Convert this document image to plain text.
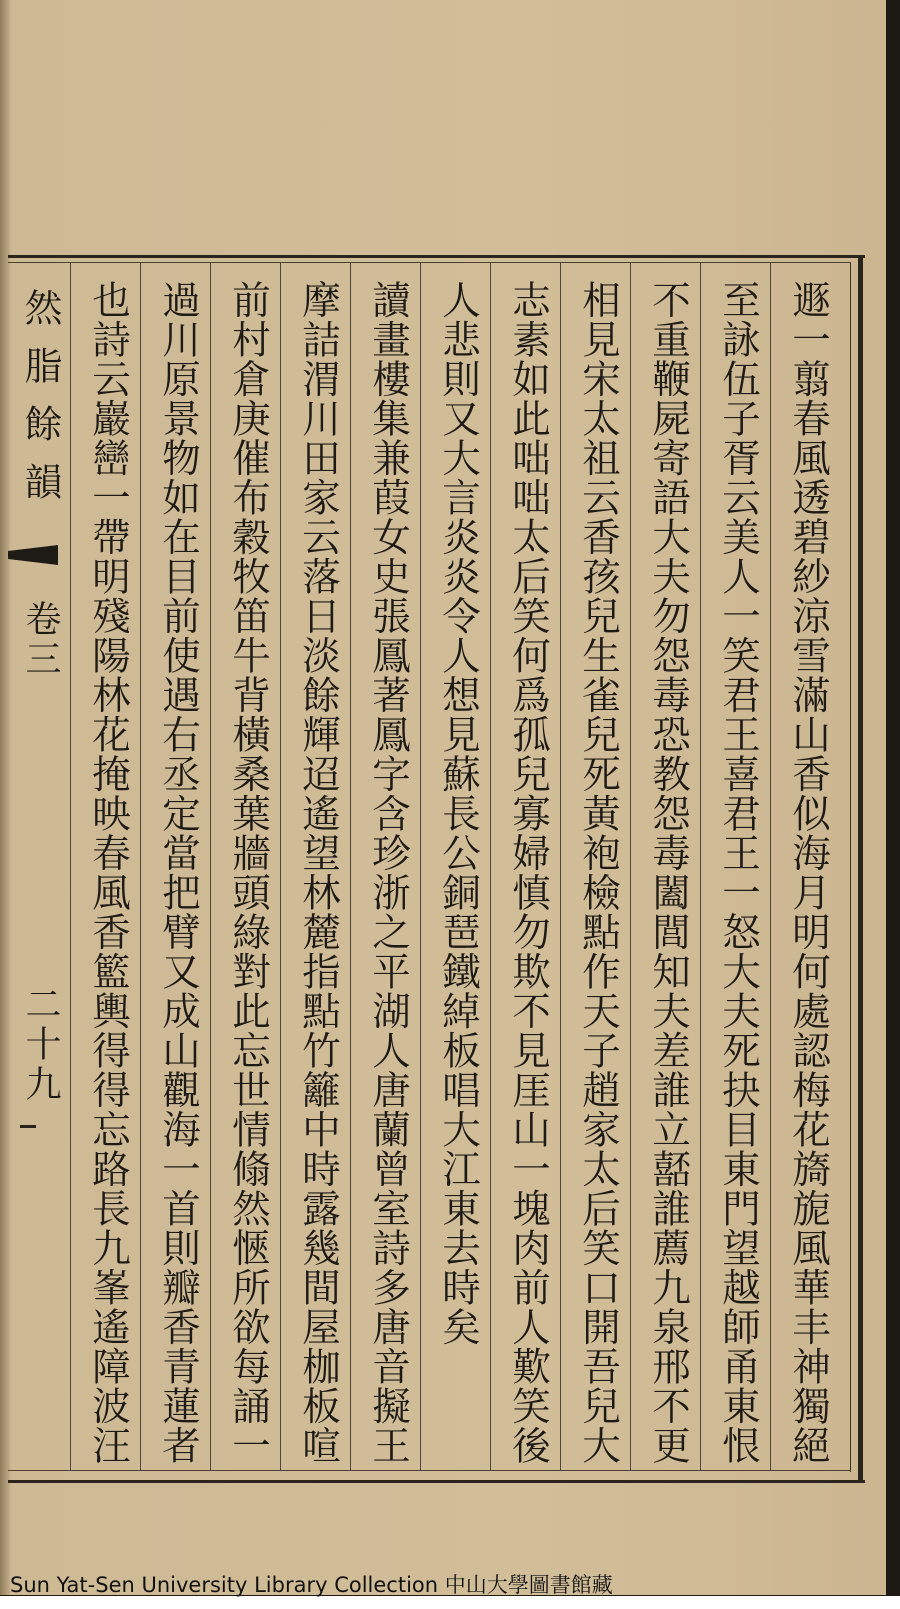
遯一翦春風透碧紗涼雪滿山香似海月明何處認梅花旖旎風華丰神獨絕
至詠伍子胥云美人一笑君王喜君王一怒大夫死抉目東門望越師甬東恨
不重鞭屍寄語大夫勿怨毒恐教怨毒闔閭知夫差誰立嚭誰薦九泉邢不更
相見宋太祖云香孩兒生雀兒死黃袍檢點作天子趙家太后笑口開吾兒大
志素如此咄咄太后笑何爲孤兒寡婦慎勿欺不見厓山一塊肉前人歎笑後
人悲則又大言炎炎令人想見蘇長公銅琶鐵綽板唱大江東去時矣
讀畫樓集兼葭女史張鳳著鳳字含珍浙之平湖人唐蘭曾室詩多唐音擬王
摩詰渭川田家云落日淡餘輝迢遙望林麓指點竹籬中時露幾間屋枷板喧
前村倉庚催布穀牧笛牛背橫桑葉牆頭綠對此忘世情翛然愜所欲每誦一
過川原景物如在目前使遇右丞定當把臂又成山觀海一首則瓣香青蓮者
也詩云巖巒一帶明殘陽林花掩映春風香籃輿得得忘路長九峯遙障波汪
然脂餘韻
卷三
二十九
Sun Yat-Sen University Library Collection 中山大學圖書館藏
